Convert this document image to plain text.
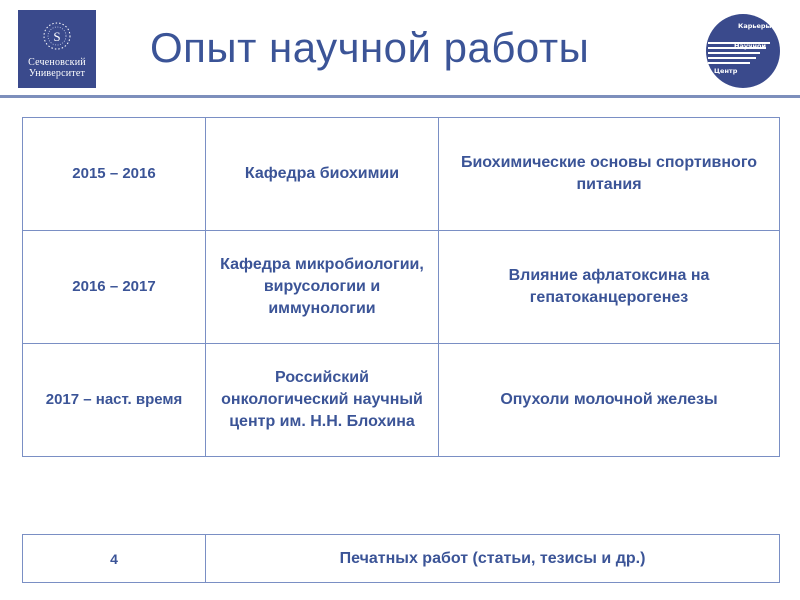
S
Сеченовский
Университет
Опыт научной работы	Карьеры
Научной
Центр
2015 – 2016	Кафедра биохимии	Биохимические основы спортивного питания
2016 – 2017	Кафедра микробиологии, вирусологии и иммунологии	Влияние афлатоксина на гепатоканцерогенез
2017 – наст. время	Российский онкологический научный центр им. Н.Н. Блохина	Опухоли молочной железы
4	Печатных работ (статьи, тезисы и др.)
